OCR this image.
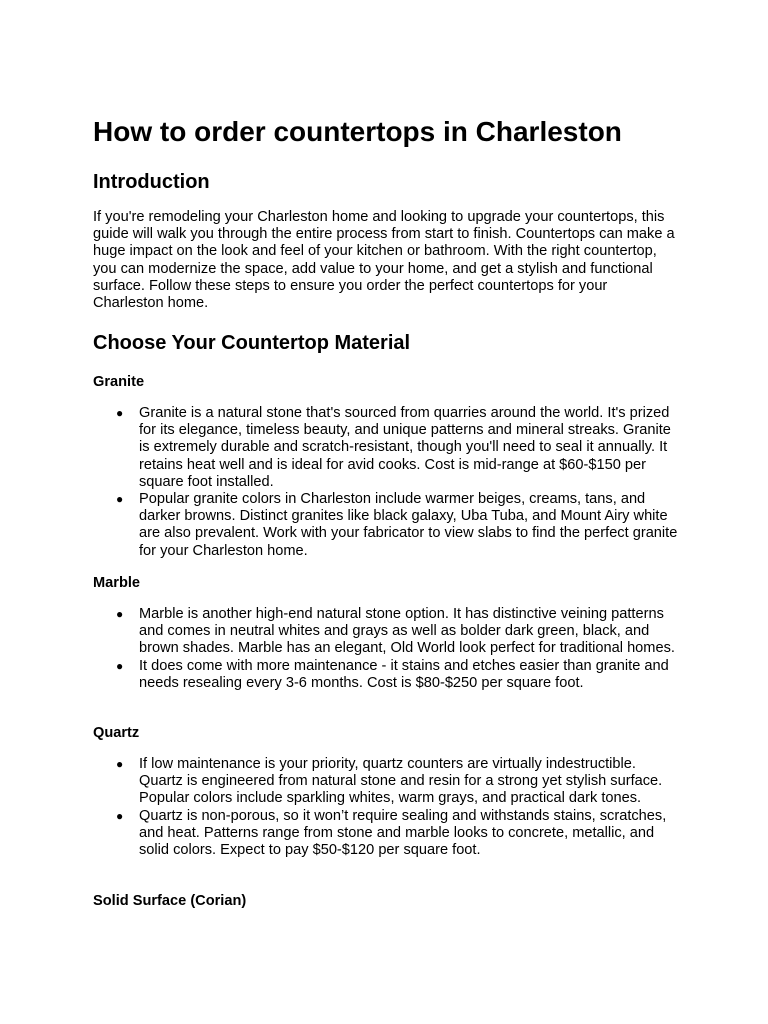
How to order countertops in Charleston
Introduction

If you're remodeling your Charleston home and looking to upgrade your countertops, this guide will walk you through the entire process from start to finish. Countertops can make a huge impact on the look and feel of your kitchen or bathroom. With the right countertop, you can modernize the space, add value to your home, and get a stylish and functional surface. Follow these steps to ensure you order the perfect countertops for your Charleston home.

Choose Your Countertop Material
Granite
● Granite is a natural stone that's sourced from quarries around the world. It's prized for its elegance, timeless beauty, and unique patterns and mineral streaks. Granite is extremely durable and scratch-resistant, though you'll need to seal it annually. It retains heat well and is ideal for avid cooks. Cost is mid-range at $60-$150 per square foot installed.
● Popular granite colors in Charleston include warmer beiges, creams, tans, and darker browns. Distinct granites like black galaxy, Uba Tuba, and Mount Airy white are also prevalent. Work with your fabricator to view slabs to find the perfect granite for your Charleston home.
Marble
● Marble is another high-end natural stone option. It has distinctive veining patterns and comes in neutral whites and grays as well as bolder dark green, black, and brown shades. Marble has an elegant, Old World look perfect for traditional homes.
● It does come with more maintenance - it stains and etches easier than granite and needs resealing every 3-6 months. Cost is $80-$250 per square foot.
Quartz
● If low maintenance is your priority, quartz counters are virtually indestructible. Quartz is engineered from natural stone and resin for a strong yet stylish surface. Popular colors include sparkling whites, warm grays, and practical dark tones.
● Quartz is non-porous, so it won’t require sealing and withstands stains, scratches, and heat. Patterns range from stone and marble looks to concrete, metallic, and solid colors. Expect to pay $50-$120 per square foot.
Solid Surface (Corian)
